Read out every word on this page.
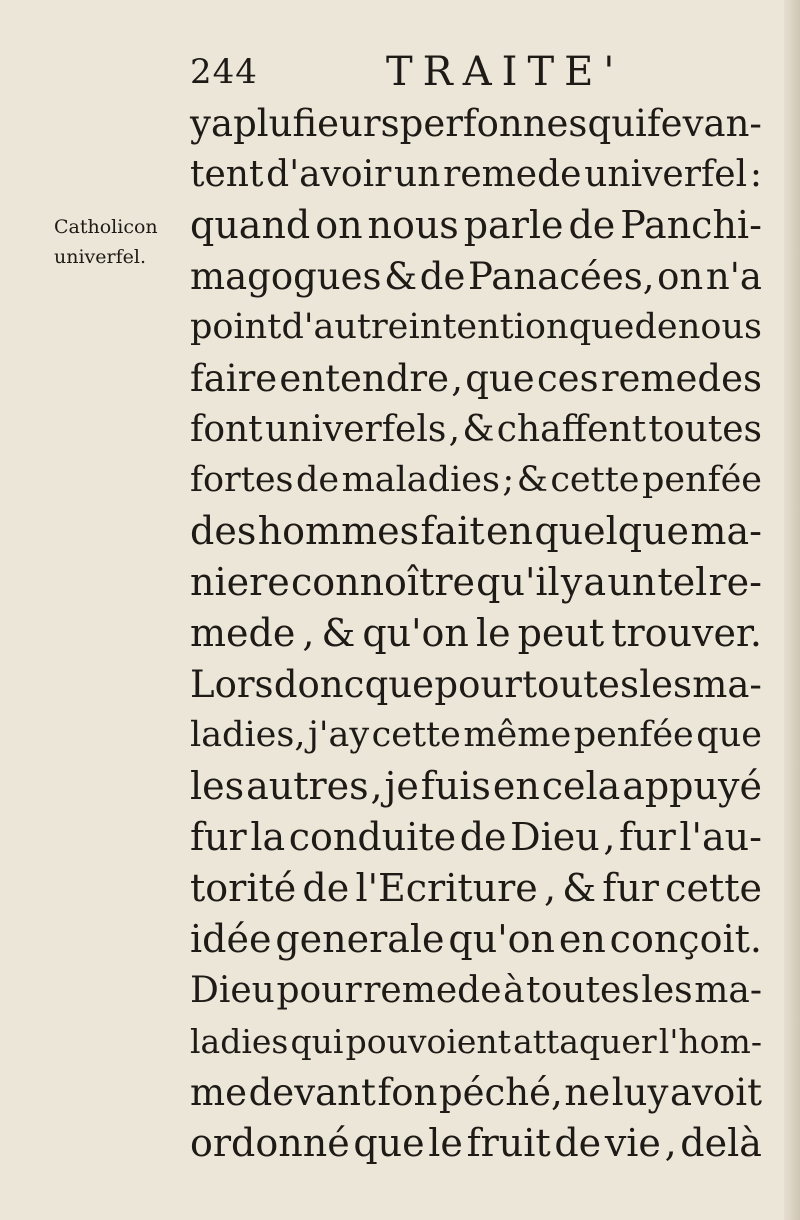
244	TRAITE'
Catholicon
univerfel.
y a plufieurs perfonnes qui fe van-
tent d'avoir un remede univerfel :
quand on nous parle de Panchi-
magogues & de Panacées, on n'a
point d'autre intention que de nous
faire entendre , que ces remedes
font univerfels , & chaffent toutes
fortes de maladies ; & cette penfée
des hommes fait en quelque ma-
niere connoître qu'il y a un tel re-
mede , & qu'on le peut trouver.
Lors donc que pour toutes les ma-
ladies, j'ay cette même penfée que
les autres , je fuis en cela appuyé
fur la conduite de Dieu , fur l'au-
torité de l'Ecriture , & fur cette
idée generale qu'on en conçoit.
Dieu pour remede à toutes les ma-
ladies qui pouvoient attaquer l'hom-
me devant fon péché, ne luy avoit
ordonné que le fruit de vie , delà
